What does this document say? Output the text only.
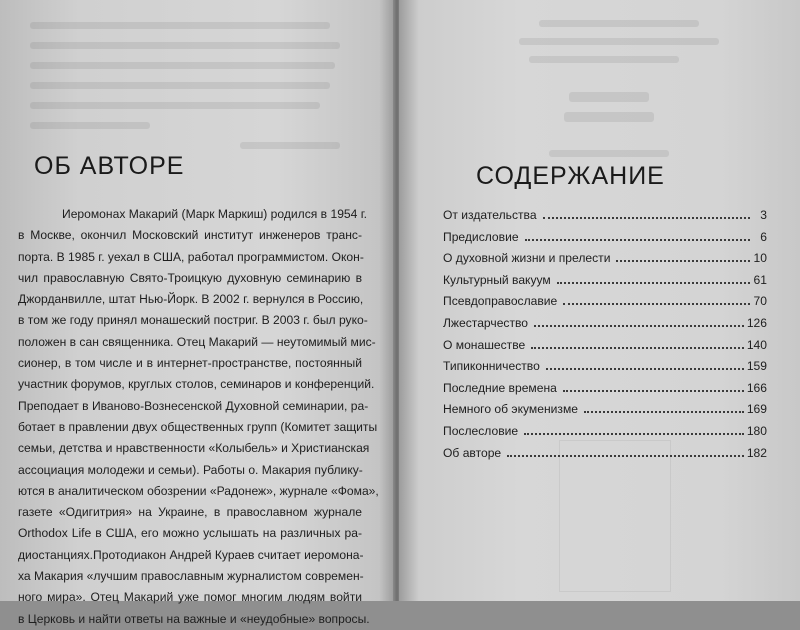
ОБ АВТОРЕ
Иеромонах Макарий (Марк Маркиш) родился в 1954 г.
в Москве, окончил Московский институт инженеров транс-
порта. В 1985 г. уехал в США, работал программистом. Окон-
чил православную Свято-Троицкую духовную семинарию в
Джорданвилле, штат Нью-Йорк. В 2002 г. вернулся в Россию,
в том же году принял монашеский постриг. В 2003 г. был руко-
положен в сан священника. Отец Макарий — неутомимый мис-
сионер, в том числе и в интернет-пространстве, постоянный
участник форумов, круглых столов, семинаров и конференций.
Преподает в Иваново-Вознесенской Духовной семинарии, ра-
ботает в правлении двух общественных групп (Комитет защиты
семьи, детства и нравственности «Колыбель» и Христианская
ассоциация молодежи и семьи). Работы о. Макария публику-
ются в аналитическом обозрении «Радонеж», журнале «Фома»,
газете «Одигитрия» на Украине, в православном журнале
Orthodox Life в США, его можно услышать на различных ра-
диостанциях.Протодиакон Андрей Кураев считает иеромона-
ха Макария «лучшим православным журналистом современ-
ного мира». Отец Макарий уже помог многим людям войти
в Церковь и найти ответы на важные и «неудобные» вопросы.
СОДЕРЖАНИЕ
От издательства	3
Предисловие	6
О духовной жизни и прелести	10
Культурный вакуум	61
Псевдоправославие	70
Лжестарчество	126
О монашестве	140
Типиконничество	159
Последние времена	166
Немного об экуменизме	169
Послесловие	180
Об авторе	182
